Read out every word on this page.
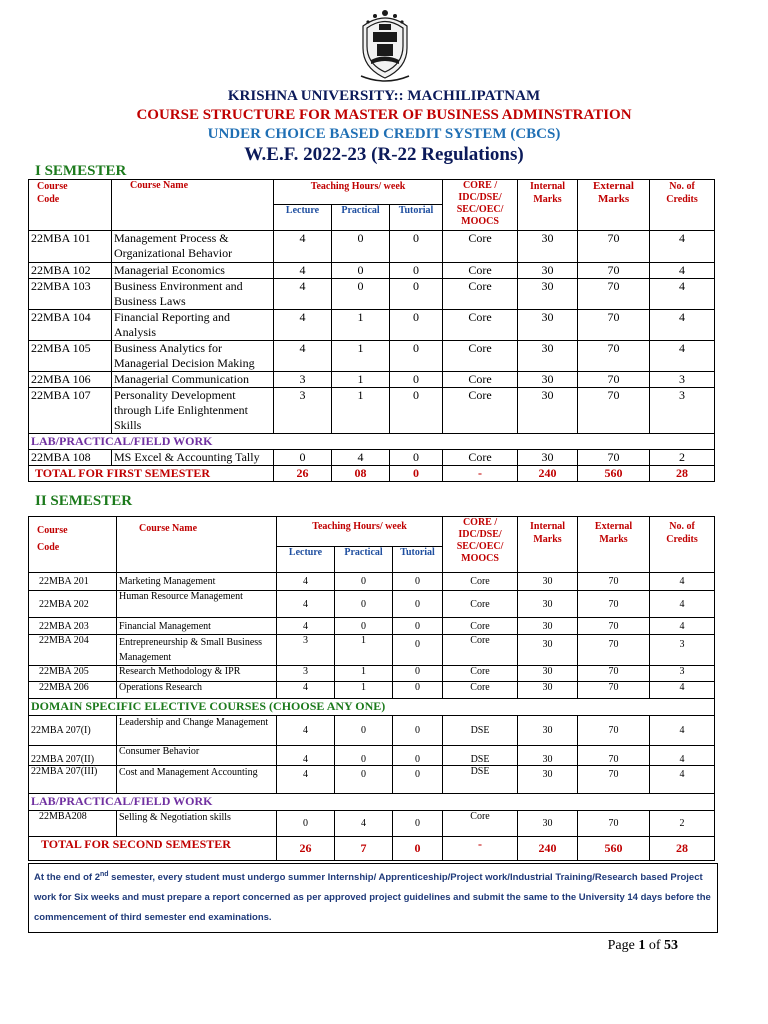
KRISHNA UNIVERSITY:: MACHILIPATNAM
COURSE STRUCTURE FOR MASTER OF BUSINESS ADMINSTRATION
UNDER CHOICE BASED CREDIT SYSTEM (CBCS)
W.E.F. 2022-23 (R-22 Regulations)
I SEMESTER
Course
Code	Course Name	Teaching Hours/ week			CORE /
IDC/DSE/
SEC/OEC/
MOOCS	Internal
Marks	External
Marks	No. of
Credits
		Lecture	Practical	Tutorial				
22MBA 101	Management Process & Organizational Behavior	4	0	0	Core	30	70	4
22MBA 102	Managerial Economics	4	0	0	Core	30	70	4
22MBA 103	Business Environment and Business Laws	4	0	0	Core	30	70	4
22MBA 104	Financial Reporting and Analysis	4	1	0	Core	30	70	4
22MBA 105	Business Analytics for Managerial Decision Making	4	1	0	Core	30	70	4
22MBA 106	Managerial Communication	3	1	0	Core	30	70	3
22MBA 107	Personality Development through Life Enlightenment Skills	3	1	0	Core	30	70	3
LAB/PRACTICAL/FIELD WORK								
22MBA 108	MS Excel & Accounting Tally	0	4	0	Core	30	70	2
TOTAL FOR FIRST SEMESTER		26	08	0	-	240	560	28
II SEMESTER
Course
Code	Course Name	Teaching Hours/ week			CORE /
IDC/DSE/
SEC/OEC/
MOOCS	Internal
Marks	External
Marks	No. of
Credits
		Lecture	Practical	Tutorial				
22MBA 201	Marketing Management	4	0	0	Core	30	70	4
22MBA 202	Human Resource Management	4	0	0	Core	30	70	4
22MBA 203	Financial Management	4	0	0	Core	30	70	4
22MBA 204	Entrepreneurship & Small Business Management	3	1	0	Core	30	70	3
22MBA 205	Research Methodology & IPR	3	1	0	Core	30	70	3
22MBA 206	Operations Research	4	1	0	Core	30	70	4
DOMAIN SPECIFIC ELECTIVE COURSES (CHOOSE ANY ONE)								
22MBA 207(I)	Leadership and Change Management	4	0	0	DSE	30	70	4
22MBA 207(II)	Consumer Behavior	4	0	0	DSE	30	70	4
22MBA 207(III)	Cost and Management Accounting	4	0	0	DSE	30	70	4
LAB/PRACTICAL/FIELD WORK								
22MBA208	Selling & Negotiation skills	0	4	0	Core	30	70	2
TOTAL FOR SECOND SEMESTER		26	7	0	-	240	560	28
At the end of 2nd semester, every student must undergo summer Internship/ Apprenticeship/Project work/Industrial Training/Research based Project work for Six weeks and must prepare a report concerned as per approved project guidelines and submit the same to the University 14 days before the commencement of third semester end examinations.
Page 1 of 53
